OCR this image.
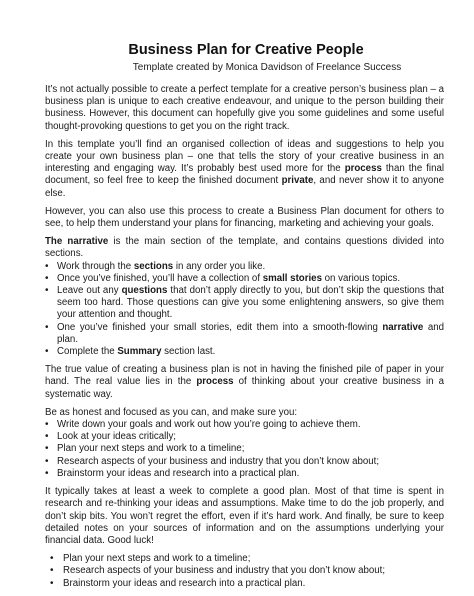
Business Plan for Creative People
Template created by Monica Davidson of Freelance Success

It’s not actually possible to create a perfect template for a creative person’s business plan – a business plan is unique to each creative endeavour, and unique to the person building their business. However, this document can hopefully give you some guidelines and some useful thought-provoking questions to get you on the right track.

In this template you’ll find an organised collection of ideas and suggestions to help you create your own business plan – one that tells the story of your creative business in an interesting and engaging way. It’s probably best used more for the process than the final document, so feel free to keep the finished document private, and never show it to anyone else.

However, you can also use this process to create a Business Plan document for others to see, to help them understand your plans for financing, marketing and achieving your goals.

The narrative is the main section of the template, and contains questions divided into sections.

• Work through the sections in any order you like.
• Once you’ve finished, you’ll have a collection of small stories on various topics.
• Leave out any questions that don’t apply directly to you, but don’t skip the questions that seem too hard. Those questions can give you some enlightening answers, so give them your attention and thought.
• One you’ve finished your small stories, edit them into a smooth-flowing narrative and plan.
• Complete the Summary section last.

The true value of creating a business plan is not in having the finished pile of paper in your hand. The real value lies in the process of thinking about your creative business in a systematic way.

Be as honest and focused as you can, and make sure you:

• Write down your goals and work out how you’re going to achieve them.
• Look at your ideas critically;
• Plan your next steps and work to a timeline;
• Research aspects of your business and industry that you don’t know about;
• Brainstorm your ideas and research into a practical plan.

It typically takes at least a week to complete a good plan. Most of that time is spent in research and re-thinking your ideas and assumptions. Make time to do the job properly, and don’t skip bits. You won’t regret the effort, even if it’s hard work. And finally, be sure to keep detailed notes on your sources of information and on the assumptions underlying your financial data. Good luck!

• Plan your next steps and work to a timeline;
• Research aspects of your business and industry that you don’t know about;
• Brainstorm your ideas and research into a practical plan.
